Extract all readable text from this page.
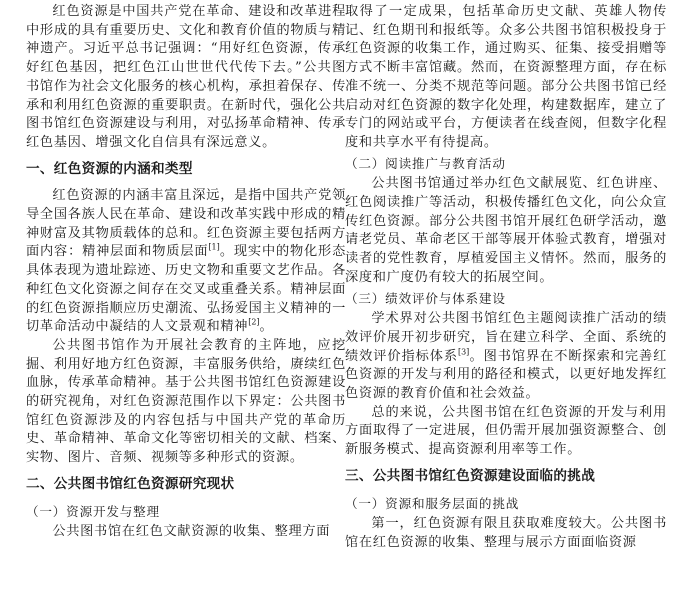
红色资源是中国共产党在革命、建设和改革进程中形成的具有重要历史、文化和教育价值的物质与精神遗产。习近平总书记强调：“用好红色资源，传承好红色基因，把红色江山世世代代传下去。”公共图书馆作为社会文化服务的核心机构，承担着保存、传承和利用红色资源的重要职责。在新时代，强化公共图书馆红色资源建设与利用，对弘扬革命精神、传承红色基因、增强文化自信具有深远意义。

一、红色资源的内涵和类型

红色资源的内涵丰富且深远，是指中国共产党领导全国各族人民在革命、建设和改革实践中形成的精神财富及其物质载体的总和。红色资源主要包括两方面内容：精神层面和物质层面[1]。现实中的物化形态具体表现为遗址踪迹、历史文物和重要文艺作品。各种红色文化资源之间存在交叉或重叠关系。精神层面的红色资源指顺应历史潮流、弘扬爱国主义精神的一切革命活动中凝结的人文景观和精神[2]。

公共图书馆作为开展社会教育的主阵地，应挖掘、利用好地方红色资源，丰富服务供给，赓续红色血脉，传承革命精神。基于公共图书馆红色资源建设的研究视角，对红色资源范围作以下界定：公共图书馆红色资源涉及的内容包括与中国共产党的革命历史、革命精神、革命文化等密切相关的文献、档案、实物、图片、音频、视频等多种形式的资源。

二、公共图书馆红色资源研究现状
（一）资源开发与整理

公共图书馆在红色文献资源的收集、整理方面

取得了一定成果，包括革命历史文献、英雄人物传记、红色期刊和报纸等。众多公共图书馆积极投身于红色资源的收集工作，通过购买、征集、接受捐赠等方式不断丰富馆藏。然而，在资源整理方面，存在标准不统一、分类不规范等问题。部分公共图书馆已经启动对红色资源的数字化处理，构建数据库，建立了专门的网站或平台，方便读者在线查阅，但数字化程度和共享水平有待提高。

（二）阅读推广与教育活动

公共图书馆通过举办红色文献展览、红色讲座、红色阅读推广等活动，积极传播红色文化，向公众宣传红色资源。部分公共图书馆开展红色研学活动，邀请老党员、革命老区干部等展开体验式教育，增强对读者的党性教育，厚植爱国主义情怀。然而，服务的深度和广度仍有较大的拓展空间。

（三）绩效评价与体系建设

学术界对公共图书馆红色主题阅读推广活动的绩效评价展开初步研究，旨在建立科学、全面、系统的绩效评价指标体系[3]。图书馆界在不断探索和完善红色资源的开发与利用的路径和模式，以更好地发挥红色资源的教育价值和社会效益。

总的来说，公共图书馆在红色资源的开发与利用方面取得了一定进展，但仍需开展加强资源整合、创新服务模式、提高资源利用率等工作。

三、公共图书馆红色资源建设面临的挑战
（一）资源和服务层面的挑战

第一，红色资源有限且获取难度较大。公共图书馆在红色资源的收集、整理与展示方面面临资源
